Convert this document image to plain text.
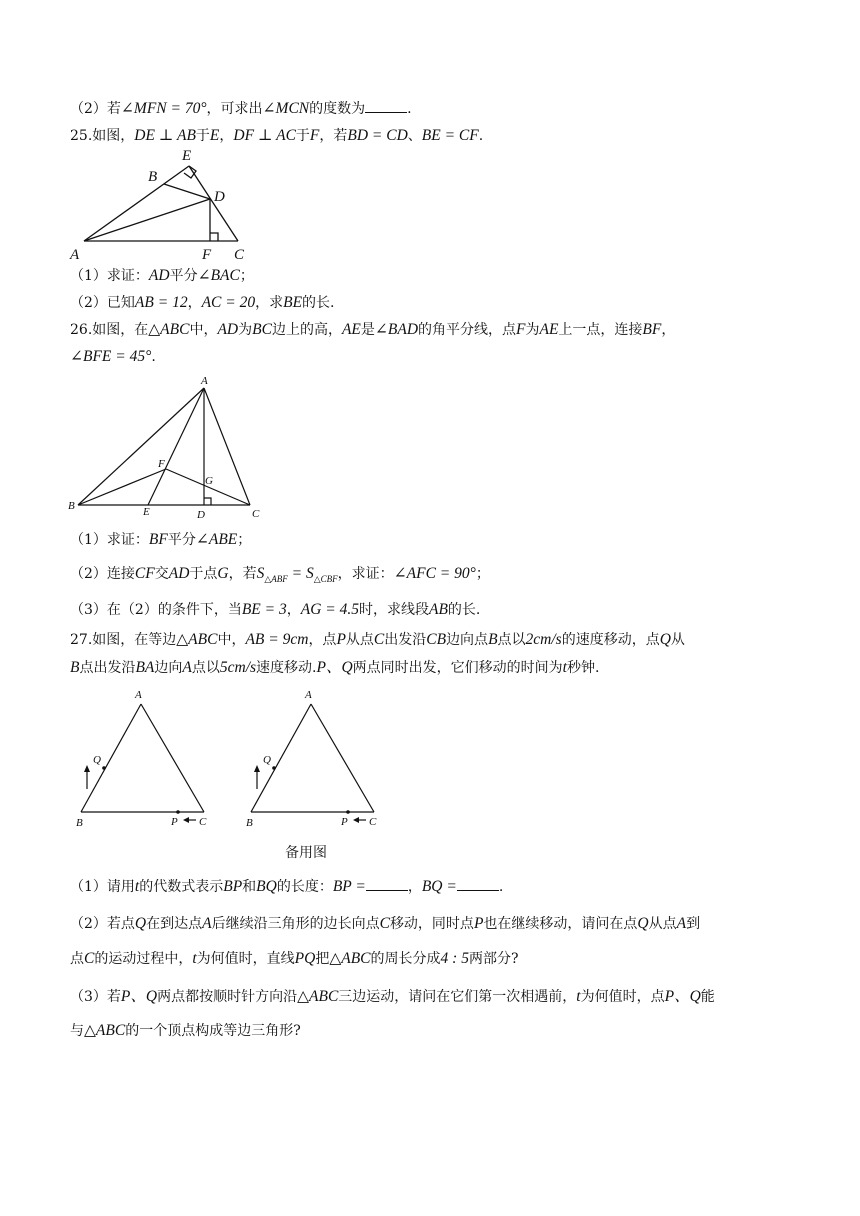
（2）若∠MFN = 70°，可求出∠MCN的度数为	.
25.如图，DE ⊥ AB于E，DF ⊥ AC于F，若BD = CD、BE = CF.
E
B
D
A	F C
（1）求证：AD平分∠BAC；
（2）已知AB = 12，AC = 20，求BE的长.
26.如图，在△ABC中，AD为BC边上的高，AE是∠BAD的角平分线，点F为AE上一点，连接BF，
∠BFE = 45°.
A
F
G
B	E	D	C
（1）求证：BF平分∠ABE；
（2）连接CF交AD于点G，若$S_{\triangle ABF} = S_{\triangle CBF}$，求证：∠AFC = 90°；
（3）在（2）的条件下，当BE = 3，AG = 4.5时，求线段AB的长.
27.如图，在等边△ABC中，AB = 9cm，点P从点C出发沿CB边向点B点以2cm/s的速度移动，点Q从
B点出发沿BA边向A点以5cm/s速度移动.P、Q两点同时出发，它们移动的时间为t秒钟.
A
Q
B	P C
A
Q
B	P C
备用图
（1）请用t的代数式表示BP和BQ的长度：BP =	，BQ =	.
（2）若点Q在到达点A后继续沿三角形的边长向点C移动，同时点P也在继续移动，请问在点Q从点A到
点C的运动过程中，t为何值时，直线PQ把△ABC的周长分成4 : 5两部分?
（3）若P、Q两点都按顺时针方向沿△ABC三边运动，请问在它们第一次相遇前，t为何值时，点P、Q能
与△ABC的一个顶点构成等边三角形?
